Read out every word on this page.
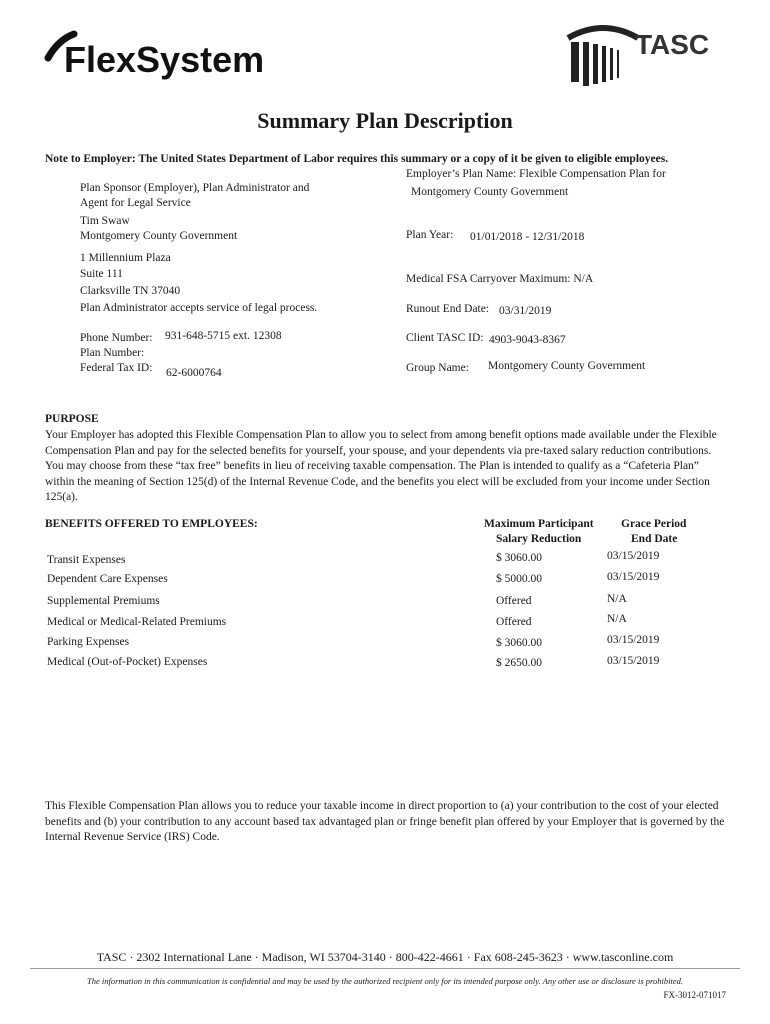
FlexSystem	TASC
Summary Plan Description
Note to Employer: The United States Department of Labor requires this summary or a copy of it be given to eligible employees.
Plan Sponsor (Employer), Plan Administrator and
Agent for Legal Service
Tim Swaw
Montgomery County Government
1 Millennium Plaza
Suite 111
Clarksville TN 37040
Plan Administrator accepts service of legal process.
Phone Number: 931-648-5715 ext. 12308
Plan Number:
Federal Tax ID: 62-6000764
Employer’s Plan Name: Flexible Compensation Plan for
Montgomery County Government
Plan Year: 01/01/2018 - 12/31/2018
Medical FSA Carryover Maximum: N/A
Runout End Date: 03/31/2019
Client TASC ID: 4903-9043-8367
Group Name: Montgomery County Government
PURPOSE
Your Employer has adopted this Flexible Compensation Plan to allow you to select from among benefit options made available under the Flexible Compensation Plan and pay for the selected benefits for yourself, your spouse, and your dependents via pre-taxed salary reduction contributions. You may choose from these “tax free” benefits in lieu of receiving taxable compensation. The Plan is intended to qualify as a “Cafeteria Plan” within the meaning of Section 125(d) of the Internal Revenue Code, and the benefits you elect will be excluded from your income under Section 125(a).
BENEFITS OFFERED TO EMPLOYEES:	Maximum Participant
Salary Reduction
Grace Period
End Date
Transit Expenses	$ 3060.00	03/15/2019
Dependent Care Expenses	$ 5000.00	03/15/2019
Supplemental Premiums	Offered	N/A
Medical or Medical-Related Premiums	Offered	N/A
Parking Expenses	$ 3060.00	03/15/2019
Medical (Out-of-Pocket) Expenses	$ 2650.00	03/15/2019
This Flexible Compensation Plan allows you to reduce your taxable income in direct proportion to (a) your contribution to the cost of your elected benefits and (b) your contribution to any account based tax advantaged plan or fringe benefit plan offered by your Employer that is governed by the Internal Revenue Service (IRS) Code.
TASC · 2302 International Lane · Madison, WI 53704-3140 · 800-422-4661 · Fax 608-245-3623 · www.tasconline.com
The information in this communication is confidential and may be used by the authorized recipient only for its intended purpose only. Any other use or disclosure is prohibited.
FX-3012-071017
